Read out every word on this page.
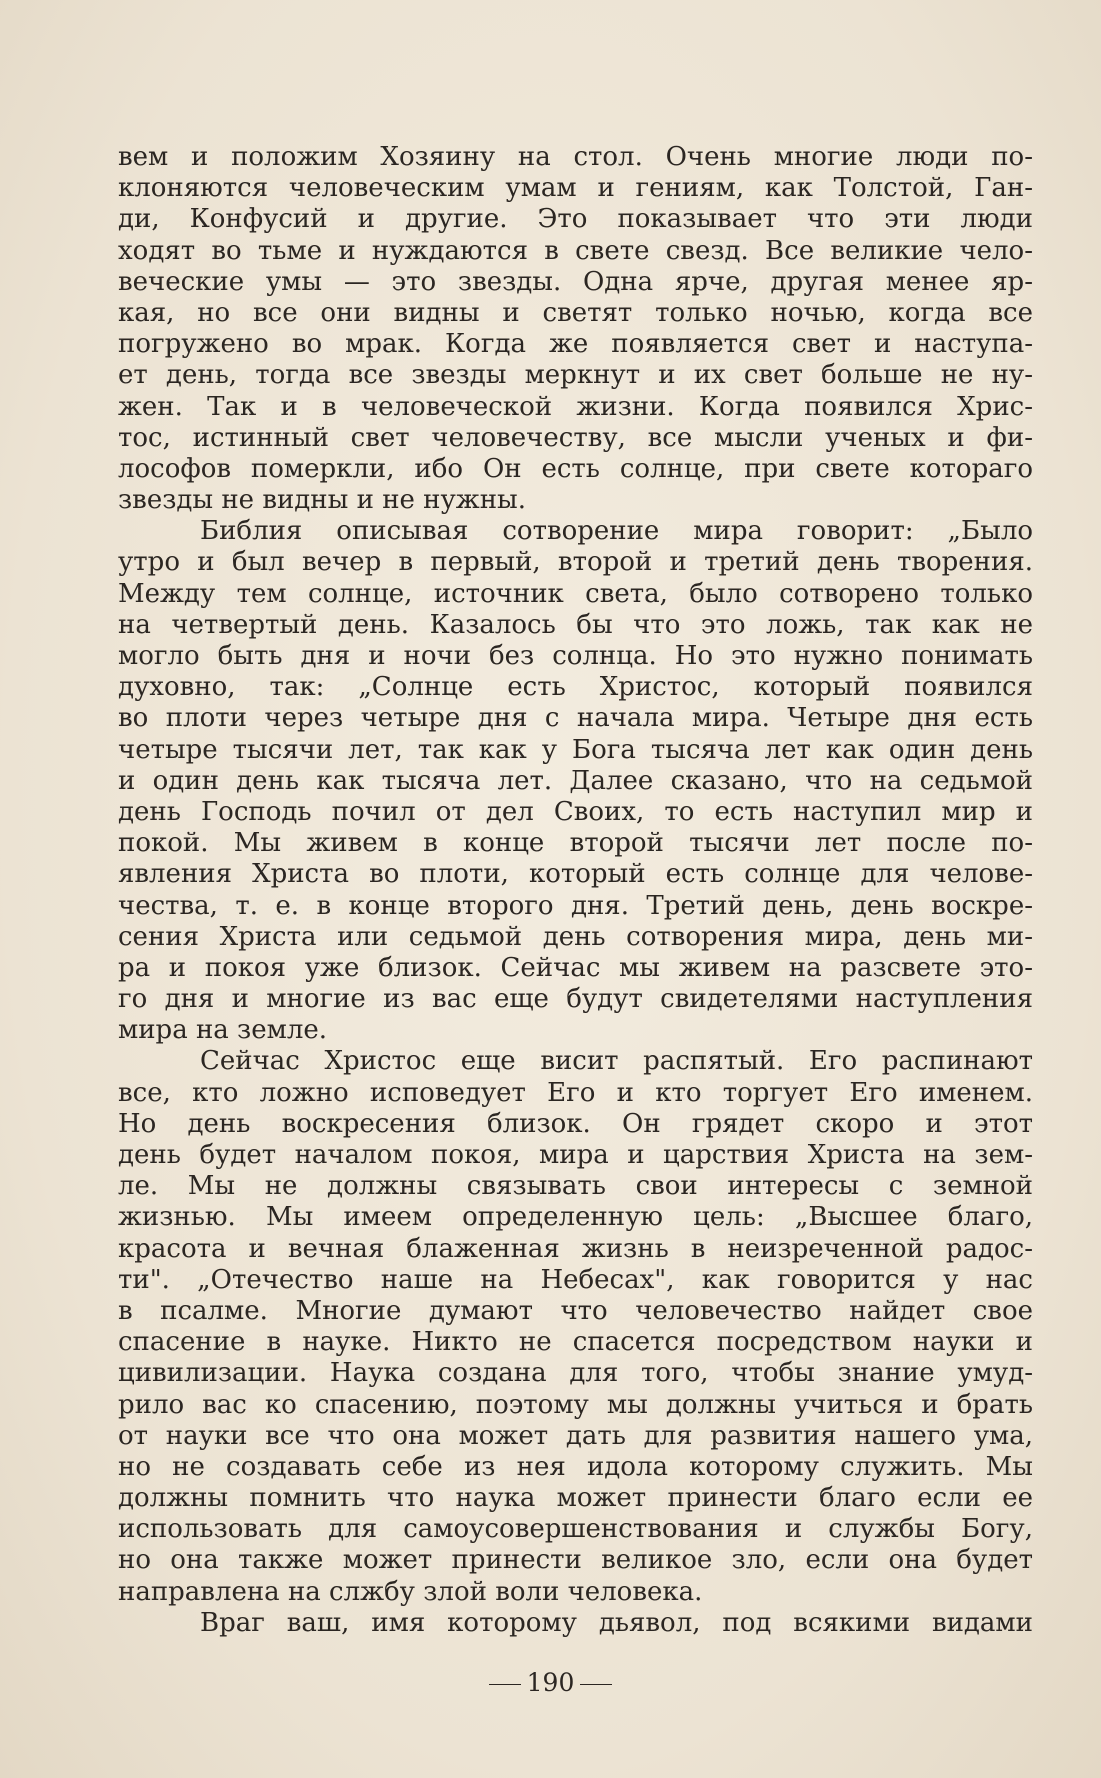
вем и положим Хозяину на стол. Очень многие люди по-
клоняются человеческим умам и гениям, как Толстой, Ган-
ди, Конфусий и другие. Это показывает что эти люди
ходят во тьме и нуждаются в свете свезд. Все великие чело-
веческие умы — это звезды. Одна ярче, другая менее яр-
кая, но все они видны и светят только ночью, когда все
погружено во мрак. Когда же появляется свет и наступа-
ет день, тогда все звезды меркнут и их свет больше не ну-
жен. Так и в человеческой жизни. Когда появился Хрис-
тос, истинный свет человечеству, все мысли ученых и фи-
лософов померкли, ибо Он есть солнце, при свете котораго
звезды не видны и не нужны.
Библия описывая сотворение мира говорит: „Было
утро и был вечер в первый, второй и третий день творения.
Между тем солнце, источник света, было сотворено только
на четвертый день. Казалось бы что это ложь, так как не
могло быть дня и ночи без солнца. Но это нужно понимать
духовно, так: „Солнце есть Христос, который появился
во плоти через четыре дня с начала мира. Четыре дня есть
четыре тысячи лет, так как у Бога тысяча лет как один день
и один день как тысяча лет. Далее сказано, что на седьмой
день Господь почил от дел Своих, то есть наступил мир и
покой. Мы живем в конце второй тысячи лет после по-
явления Христа во плоти, который есть солнце для челове-
чества, т. е. в конце второго дня. Третий день, день воскре-
сения Христа или седьмой день сотворения мира, день ми-
ра и покоя уже близок. Сейчас мы живем на разсвете это-
го дня и многие из вас еще будут свидетелями наступления
мира на земле.
Сейчас Христос еще висит распятый. Его распинают
все, кто ложно исповедует Его и кто торгует Его именем.
Но день воскресения близок. Он грядет скоро и этот
день будет началом покоя, мира и царствия Христа на зем-
ле. Мы не должны связывать свои интересы с земной
жизнью. Мы имеем определенную цель: „Высшее благо,
красота и вечная блаженная жизнь в неизреченной радос-
ти". „Отечество наше на Небесах", как говорится у нас
в псалме. Многие думают что человечество найдет свое
спасение в науке. Никто не спасется посредством науки и
цивилизации. Наука создана для того, чтобы знание умуд-
рило вас ко спасению, поэтому мы должны учиться и брать
от науки все что она может дать для развития нашего ума,
но не создавать себе из нея идола которому служить. Мы
должны помнить что наука может принести благо если ее
использовать для самоусовершенствования и службы Богу,
но она также может принести великое зло, если она будет
направлена на слжбу злой воли человека.
Враг ваш, имя которому дьявол, под всякими видами
190
